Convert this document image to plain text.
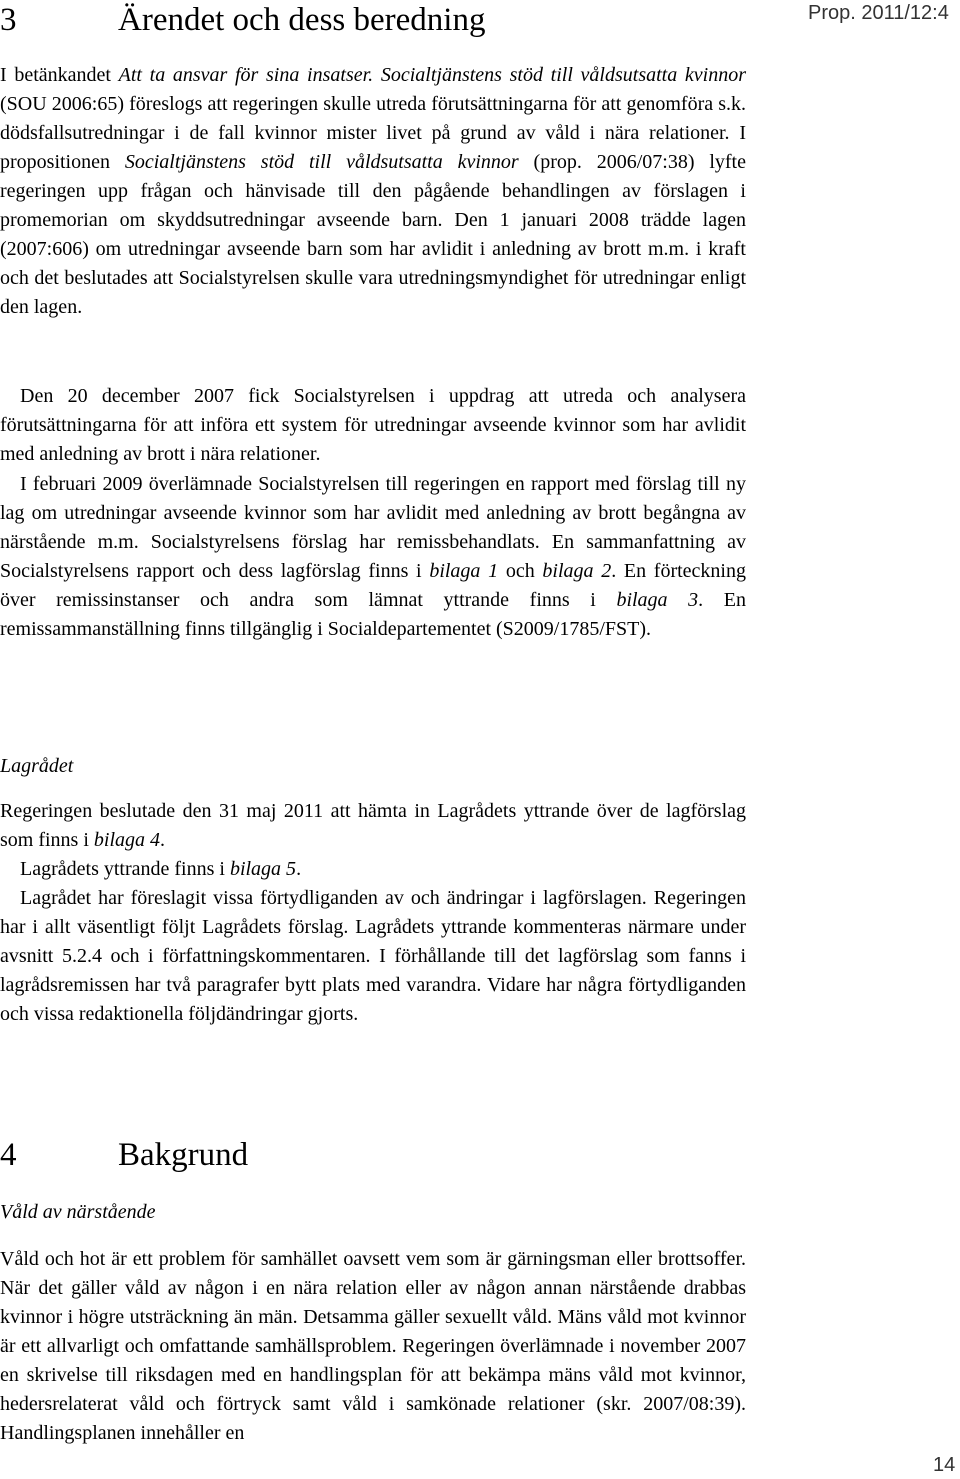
Prop. 2011/12:4
3	Ärendet och dess beredning

I betänkandet Att ta ansvar för sina insatser. Socialtjänstens stöd till våldsutsatta kvinnor (SOU 2006:65) föreslogs att regeringen skulle utreda förutsättningarna för att genomföra s.k. dödsfallsutredningar i de fall kvinnor mister livet på grund av våld i nära relationer. I propositionen Socialtjänstens stöd till våldsutsatta kvinnor (prop. 2006/07:38) lyfte regeringen upp frågan och hänvisade till den pågående behandlingen av förslagen i promemorian om skyddsutredningar avseende barn. Den 1 januari 2008 trädde lagen (2007:606) om utredningar avseende barn som har avlidit i anledning av brott m.m. i kraft och det beslutades att Socialstyrelsen skulle vara utredningsmyndighet för utredningar enligt den lagen.

Den 20 december 2007 fick Socialstyrelsen i uppdrag att utreda och analysera förutsättningarna för att införa ett system för utredningar avseende kvinnor som har avlidit med anledning av brott i nära relationer.

I februari 2009 överlämnade Socialstyrelsen till regeringen en rapport med förslag till ny lag om utredningar avseende kvinnor som har avlidit med anledning av brott begångna av närstående m.m. Socialstyrelsens förslag har remissbehandlats. En sammanfattning av Socialstyrelsens rapport och dess lagförslag finns i bilaga 1 och bilaga 2. En förteckning över remissinstanser och andra som lämnat yttrande finns i bilaga 3. En remissammanställning finns tillgänglig i Socialdepartementet (S2009/1785/FST).

Lagrådet

Regeringen beslutade den 31 maj 2011 att hämta in Lagrådets yttrande över de lagförslag som finns i bilaga 4.

Lagrådets yttrande finns i bilaga 5.

Lagrådet har föreslagit vissa förtydliganden av och ändringar i lagförslagen. Regeringen har i allt väsentligt följt Lagrådets förslag. Lagrådets yttrande kommenteras närmare under avsnitt 5.2.4 och i författningskommentaren. I förhållande till det lagförslag som fanns i lagrådsremissen har två paragrafer bytt plats med varandra. Vidare har några förtydliganden och vissa redaktionella följdändringar gjorts.

4	Bakgrund
Våld av närstående

Våld och hot är ett problem för samhället oavsett vem som är gärningsman eller brottsoffer. När det gäller våld av någon i en nära relation eller av någon annan närstående drabbas kvinnor i högre utsträckning än män. Detsamma gäller sexuellt våld. Mäns våld mot kvinnor är ett allvarligt och omfattande samhällsproblem. Regeringen överlämnade i november 2007 en skrivelse till riksdagen med en handlingsplan för att bekämpa mäns våld mot kvinnor, hedersrelaterat våld och förtryck samt våld i samkönade relationer (skr. 2007/08:39). Handlingsplanen innehåller en

14
